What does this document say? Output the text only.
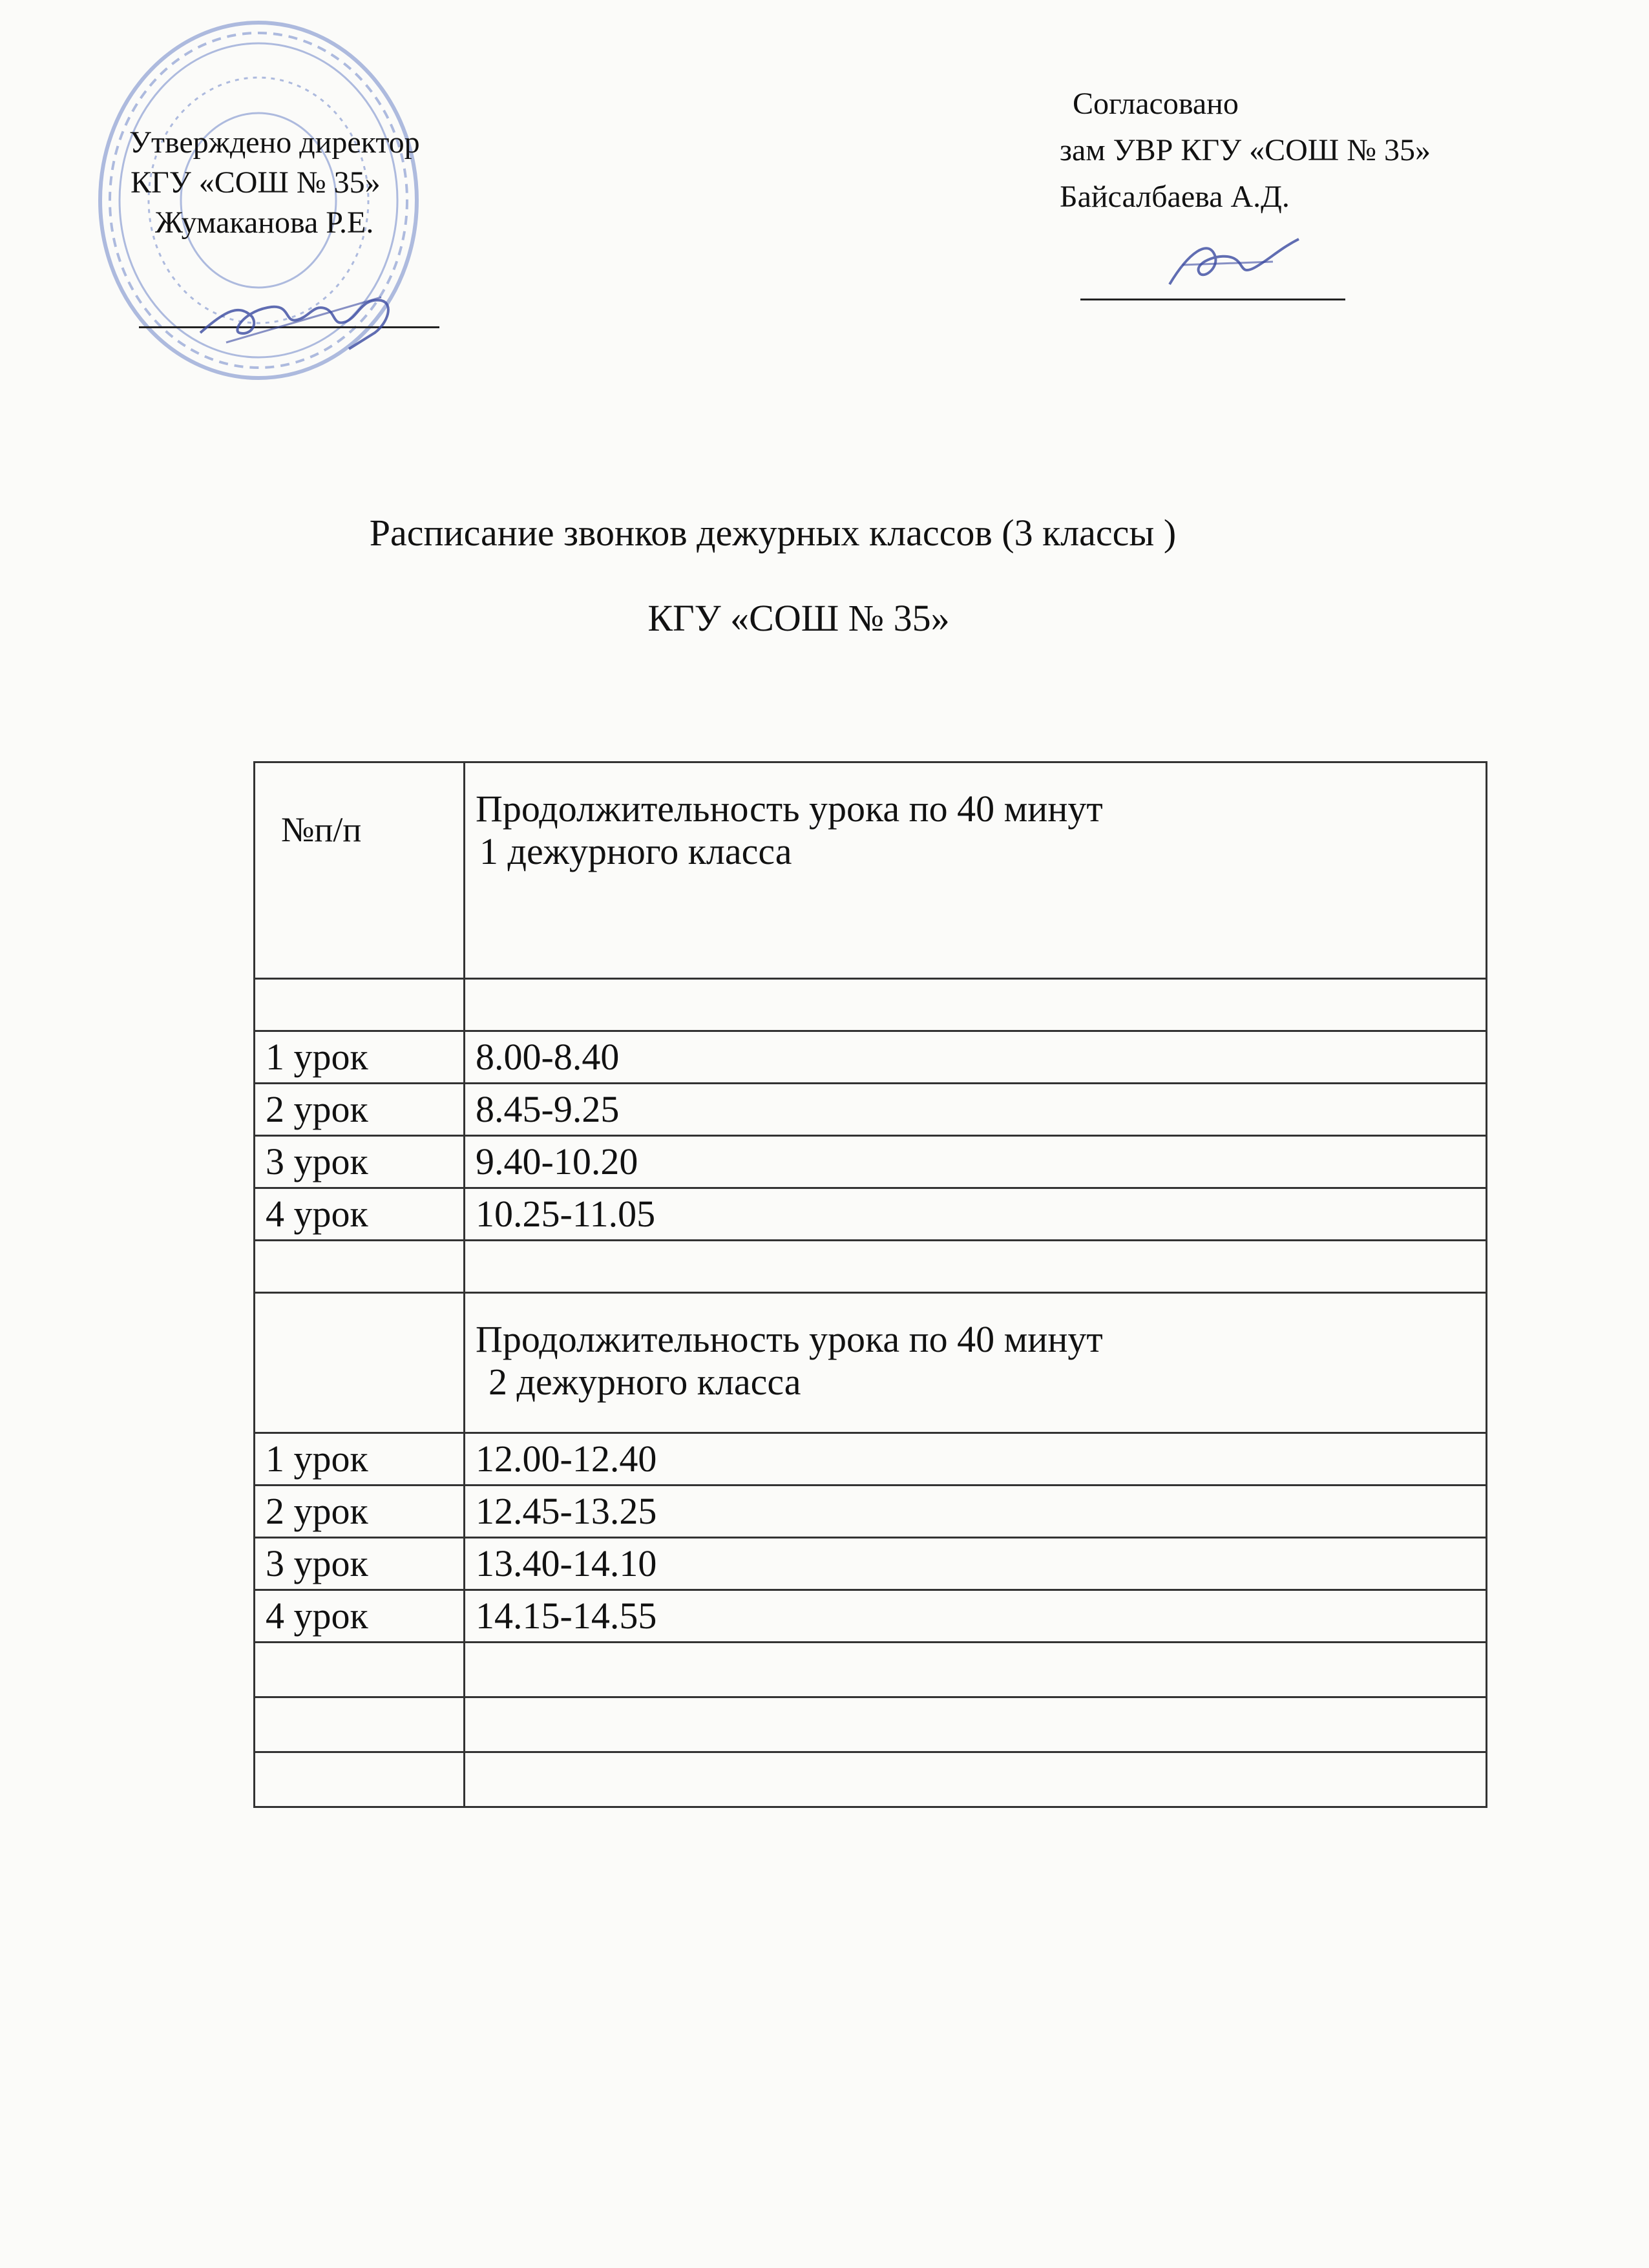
Утверждено директор
КГУ «СОШ № 35»
Жумаканова Р.Е.
Согласовано
зам УВР КГУ «СОШ № 35»
Байсалбаева А.Д.
Расписание звонков дежурных классов (3 классы )
КГУ «СОШ № 35»
№п/п	Продолжительность урока по 40 минут
1 дежурного класса

1 урок	8.00-8.40
2 урок	8.45-9.25
3 урок	9.40-10.20
4 урок	10.25-11.05

	Продолжительность урока по 40 минут
2 дежурного класса

1 урок	12.00-12.40
2 урок	12.45-13.25
3 урок	13.40-14.10
4 урок	14.15-14.55
